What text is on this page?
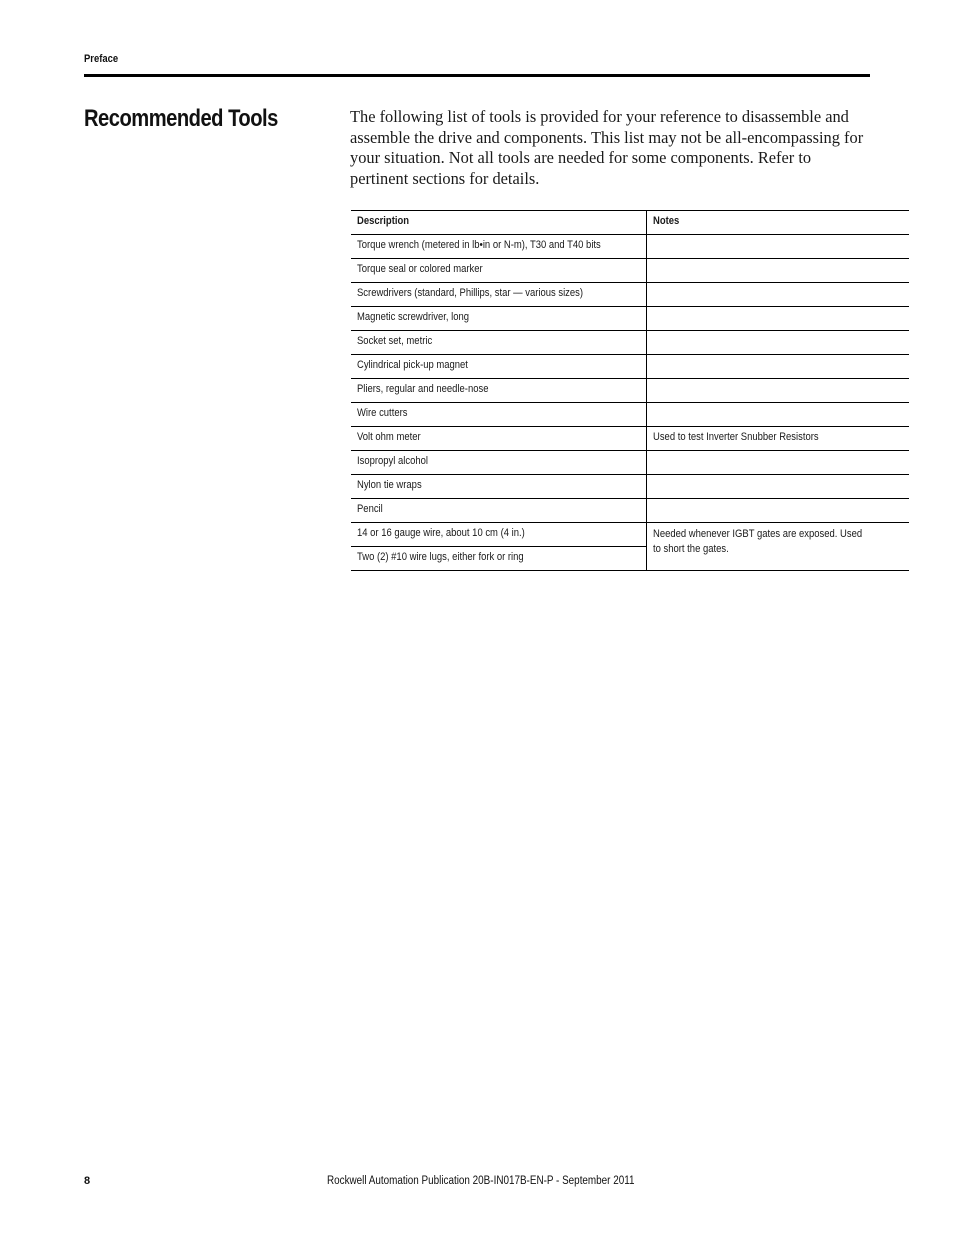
Preface
Recommended Tools	The following list of tools is provided for your reference to disassemble and assemble the drive and components. This list may not be all-encompassing for your situation. Not all tools are needed for some components. Refer to pertinent sections for details.

Description	Notes
Torque wrench (metered in lb•in or N-m), T30 and T40 bits	
Torque seal or colored marker	
Screwdrivers (standard, Phillips, star — various sizes)	
Magnetic screwdriver, long	
Socket set, metric	
Cylindrical pick-up magnet	
Pliers, regular and needle-nose	
Wire cutters	
Volt ohm meter	Used to test Inverter Snubber Resistors
Isopropyl alcohol	
Nylon tie wraps	
Pencil	
14 or 16 gauge wire, about 10 cm (4 in.)	Needed whenever IGBT gates are exposed. Used to short the gates.

Two (2) #10 wire lugs, either fork or ring	
8	Rockwell Automation Publication 20B-IN017B-EN-P - September 2011
